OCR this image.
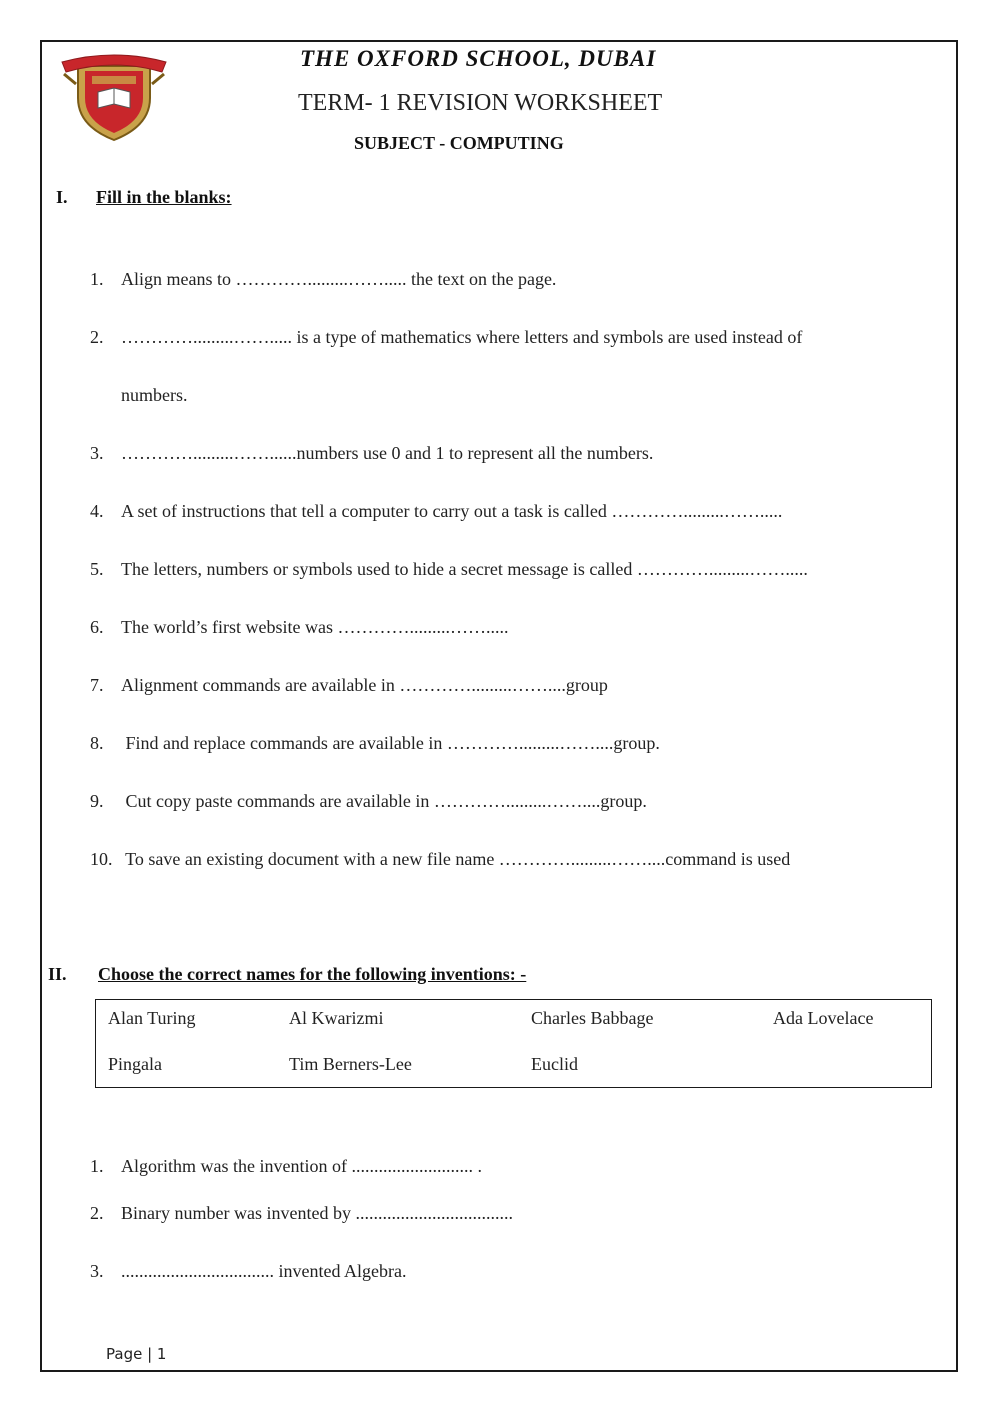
THE OXFORD SCHOOL, DUBAI
TERM- 1 REVISION WORKSHEET
SUBJECT - COMPUTING
I. Fill in the blanks:
1. Align means to ………….........……..... the text on the page.
2. ………….........……..... is a type of mathematics where letters and symbols are used instead of
numbers.
3. ………….........……......numbers use 0 and 1 to represent all the numbers.
4. A set of instructions that tell a computer to carry out a task is called ………….........…….....
5. The letters, numbers or symbols used to hide a secret message is called ………….........…….....
6. The world’s first website was ………….........…….....
7. Alignment commands are available in ………….........……....group
8. Find and replace commands are available in ………….........……....group.
9. Cut copy paste commands are available in ………….........……....group.
10. To save an existing document with a new file name ………….........……....command is used
II. Choose the correct names for the following inventions: -
Alan Turing	Al Kwarizmi	Charles Babbage	Ada Lovelace
Pingala	Tim Berners-Lee	Euclid
1. Algorithm was the invention of ........................... .
2. Binary number was invented by ...................................
3. .................................. invented Algebra.
Page | 1
